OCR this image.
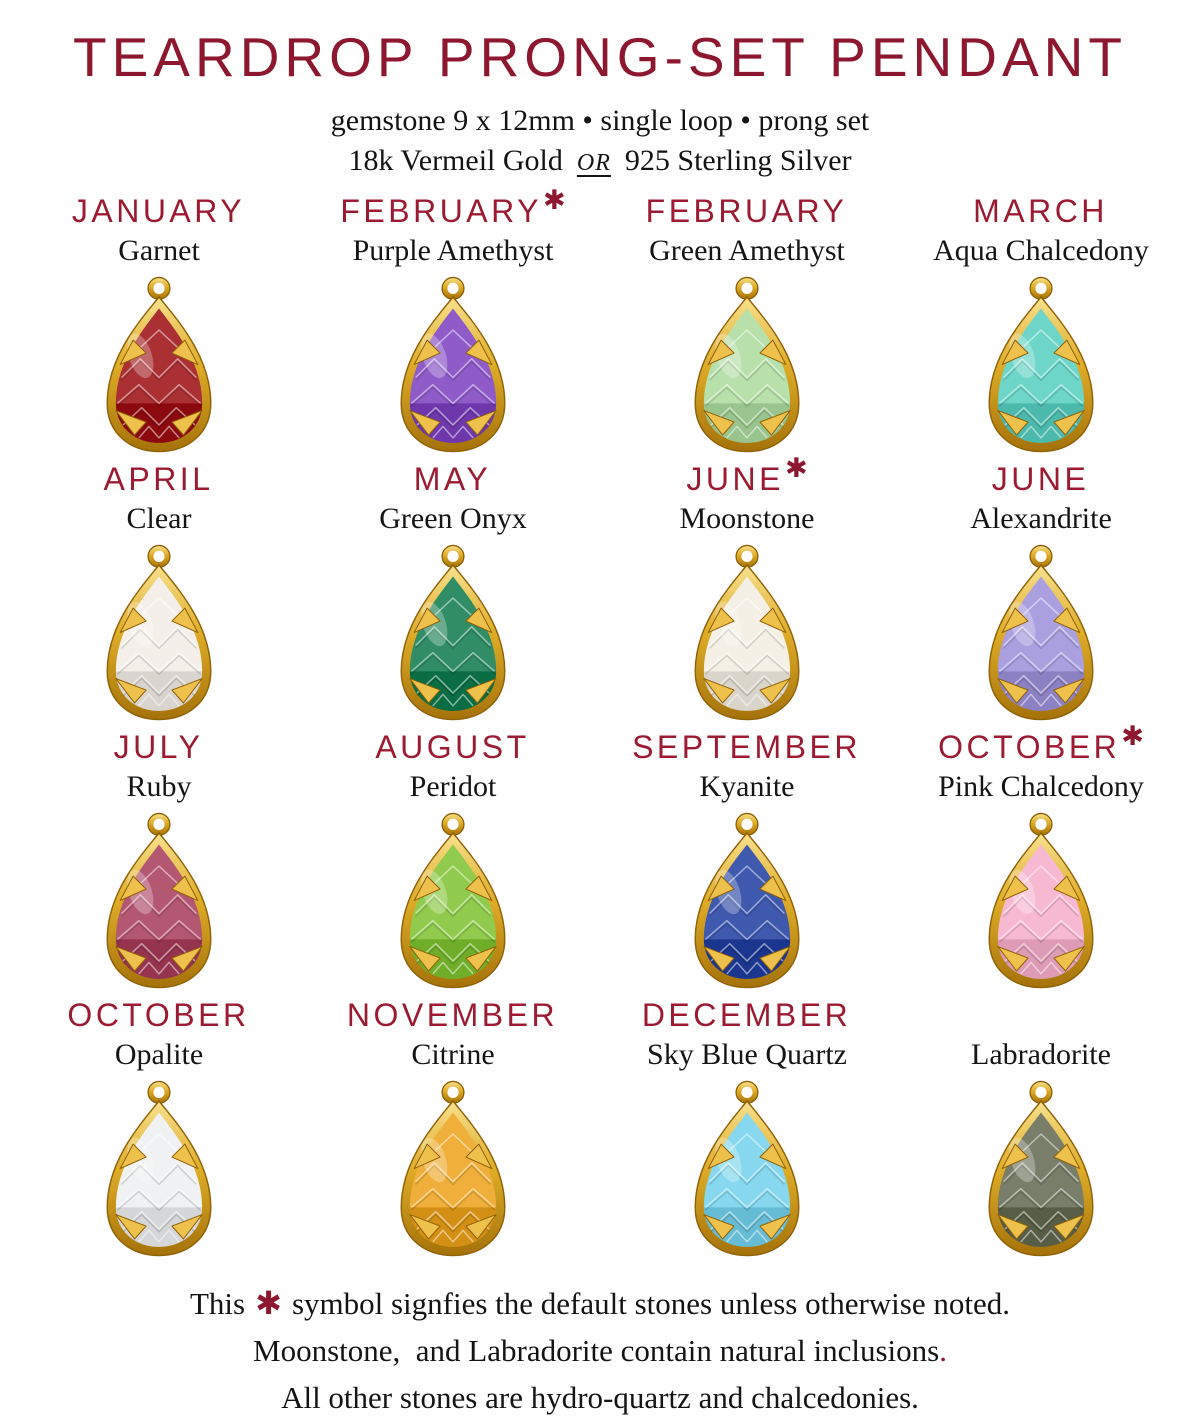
TEARDROP PRONG-SET PENDANT

gemstone 9 x 12mm • single loop • prong set

18k Vermeil Gold OR 925 Sterling Silver

JANUARY
Garnet
FEBRUARY✱
Purple Amethyst
FEBRUARY
Green Amethyst
MARCH
Aqua Chalcedony
APRIL
Clear
MAY
Green Onyx
JUNE✱
Moonstone
JUNE
Alexandrite
JULY
Ruby
AUGUST
Peridot
SEPTEMBER
Kyanite
OCTOBER✱
Pink Chalcedony
OCTOBER
Opalite
NOVEMBER
Citrine
DECEMBER
Sky Blue Quartz	Labradorite

This ✱ symbol signfies the default stones unless otherwise noted.

Moonstone,  and Labradorite contain natural inclusions.

All other stones are hydro-quartz and chalcedonies.
